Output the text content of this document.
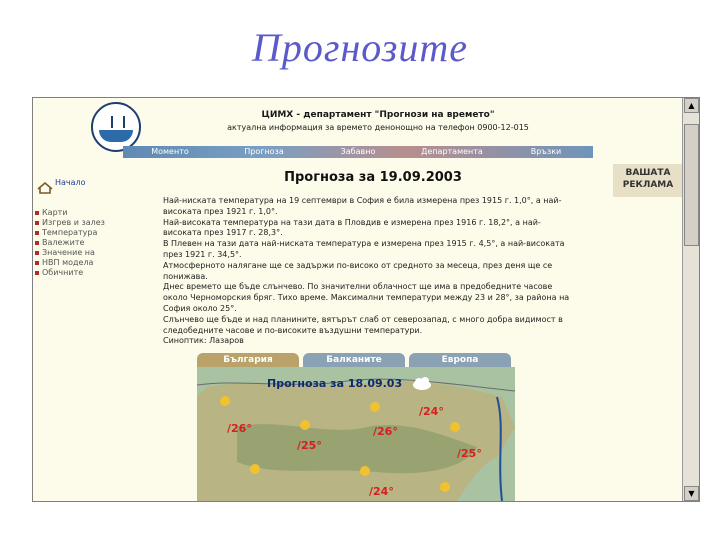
Прогнозите
ЦИМХ - департамент "Прогнози на времето"
актуална информация за времето денонощно на телефон 0900-12-015
Моменто	Прогноза	Забавно	Департамента	Връзки
ВАШАТА
РЕКЛАМА
Начало
Карти
Изгрев и залез
Температура
Валежите
Значение на
НВП модела
Обичните
Прогноза за 19.09.2003
Най-ниската температура на 19 септември в София е била измерена през 1915 г. 1,0°, а най-високата през 1921 г. 1,0°.
Най-високата температура на тази дата в Пловдив е измерена през 1916 г. 18,2°, а най-високата през 1917 г. 28,3°.
В Плевен на тази дата най-ниската температура е измерена през 1915 г. 4,5°, а най-високата през 1921 г. 34,5°.
Атмосферното налягане ще се задържи по-високо от средното за месеца, през деня ще се понижава.
Днес времето ще бъде слънчево. По значителни облачност ще има в предобедните часове около Черноморския бряг. Тихо време. Максимални температури между 23 и 28°, за района на София около 25°.
Слънчево ще бъде и над планините, вятърът слаб от северозапад, с много добра видимост в следобедните часове и по-високите въздушни температури.
Синоптик: Лазаров
България	Балканите	Европа
Прогноза за 18.09.03
/24°
/26°	/26°
/25°
/25°
/24°
▲
▼
